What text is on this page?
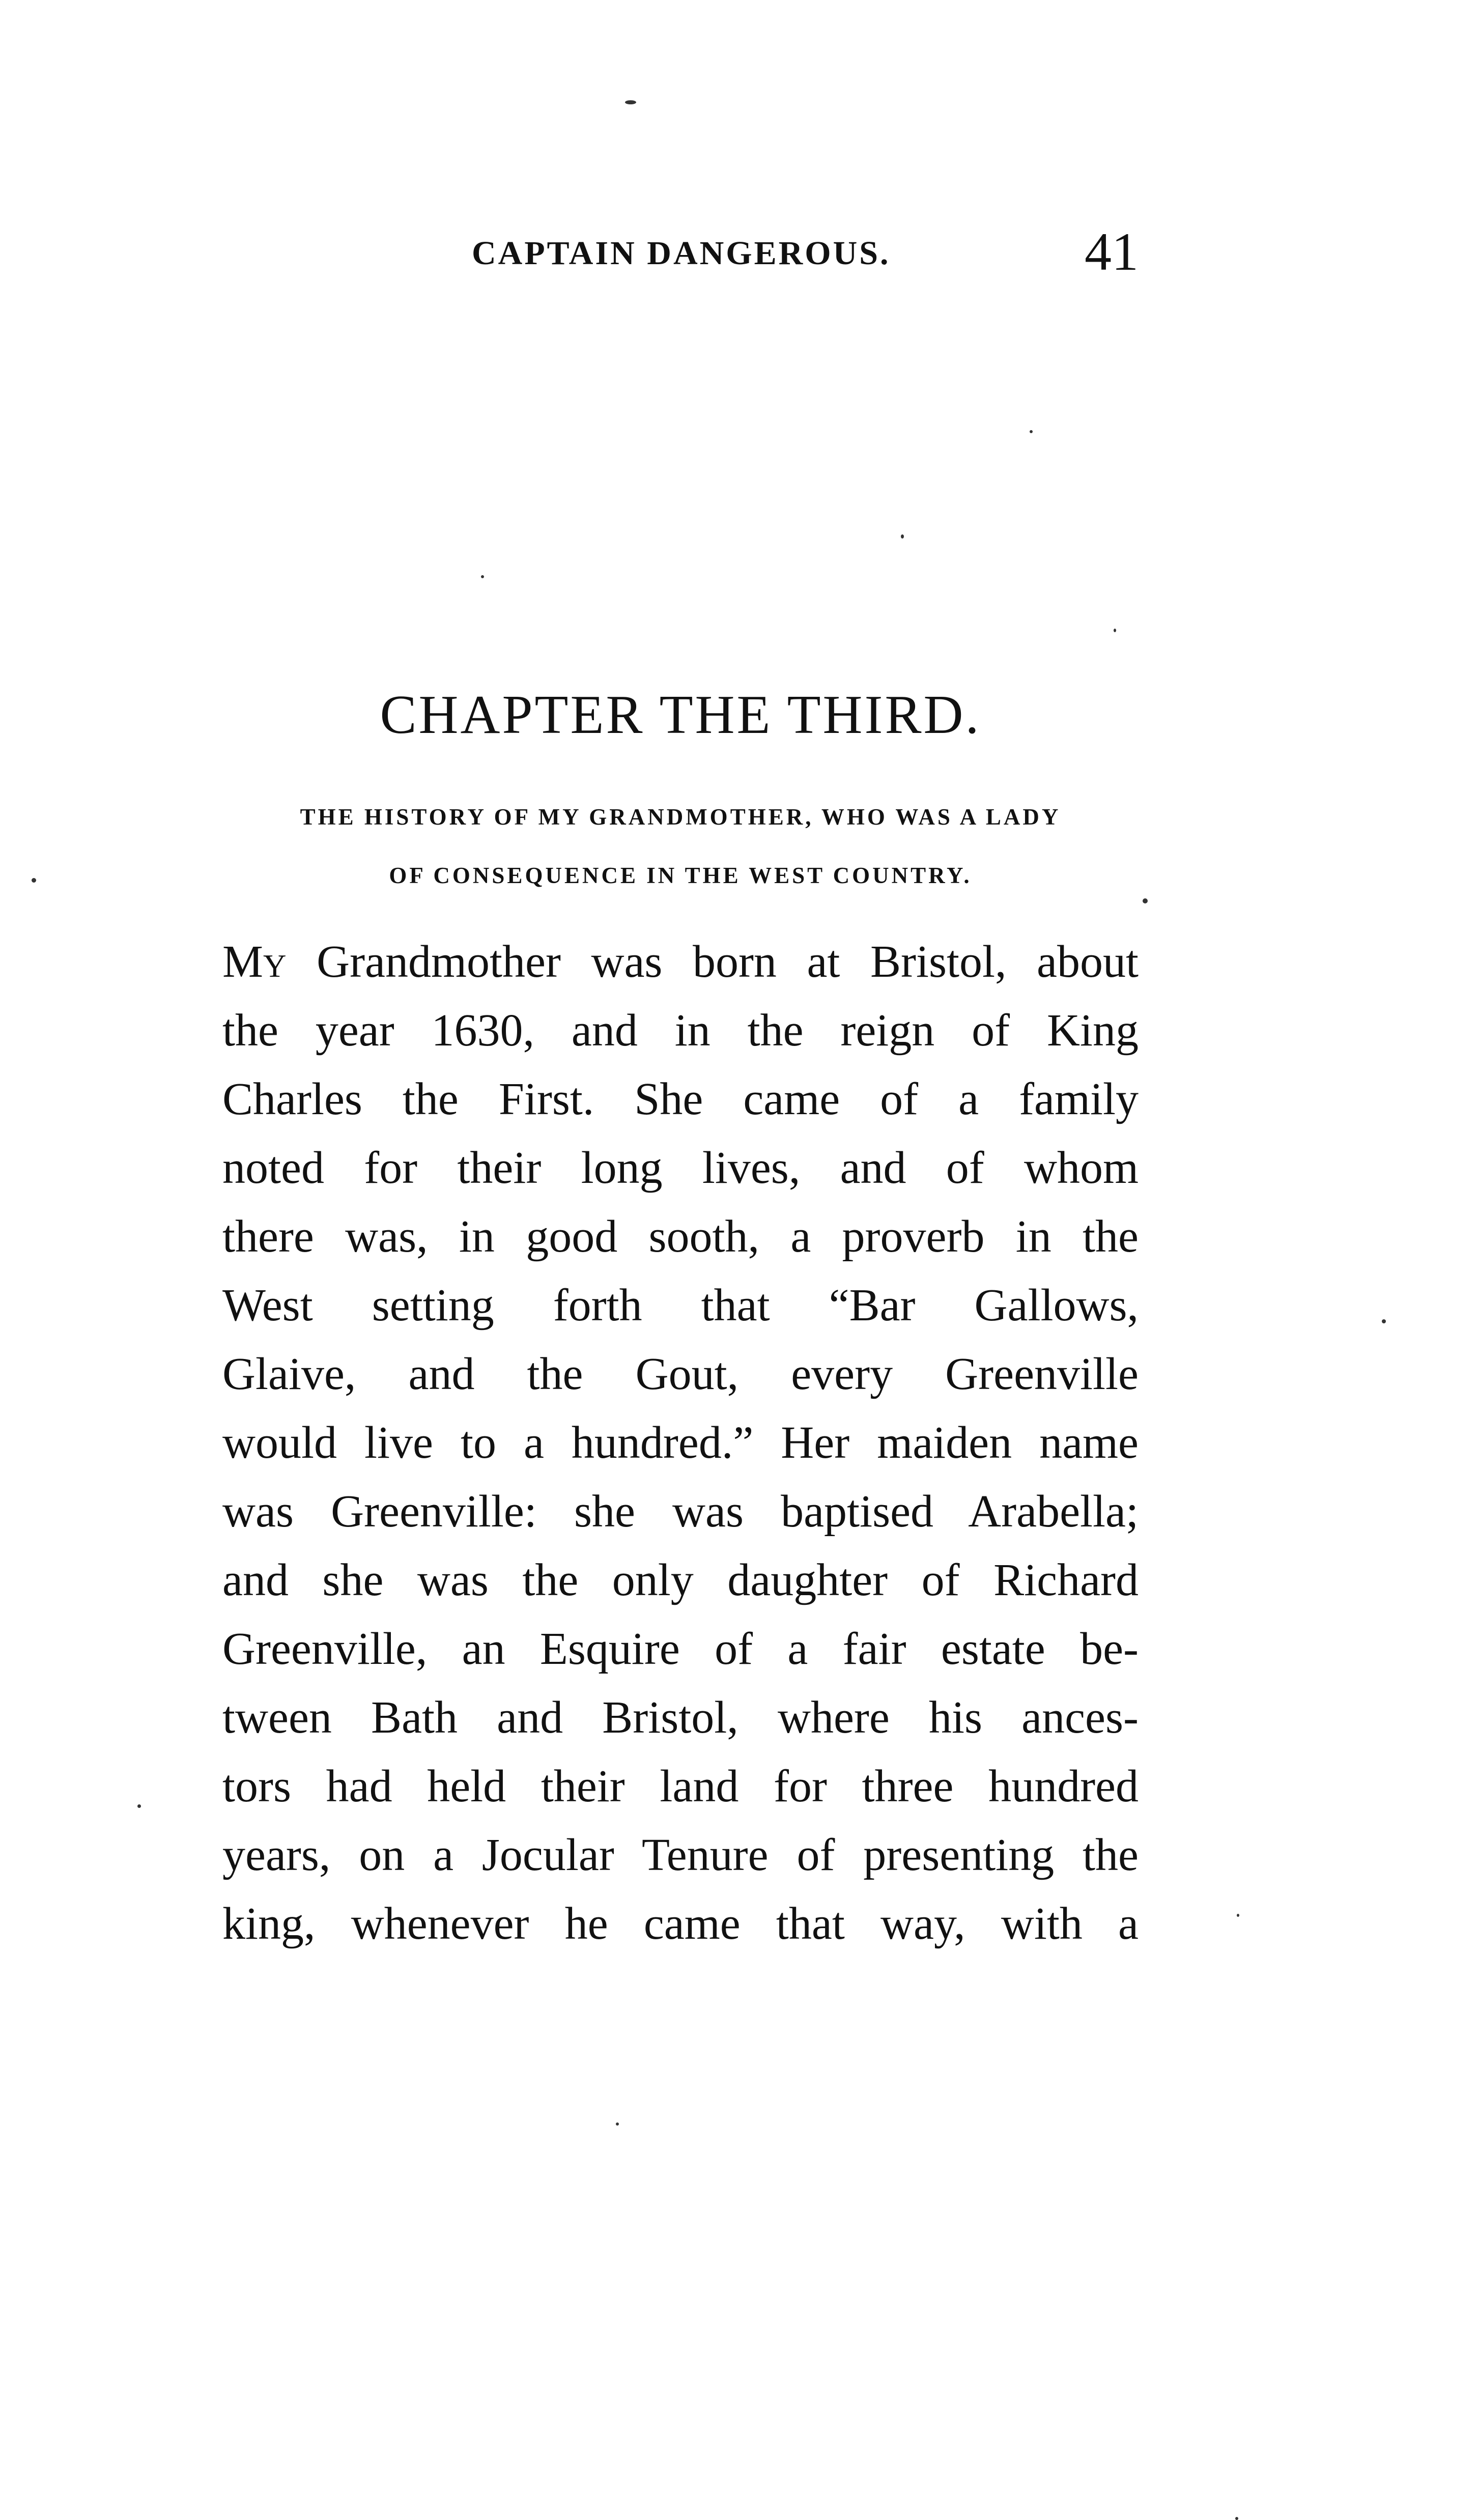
CAPTAIN DANGEROUS.	41
CHAPTER THE THIRD.
THE HISTORY OF MY GRANDMOTHER, WHO WAS A LADY
OF CONSEQUENCE IN THE WEST COUNTRY.
My Grandmother was born at Bristol, about
the year 1630, and in the reign of King
Charles the First. She came of a family
noted for their long lives, and of whom
there was, in good sooth, a proverb in the
West setting forth that “Bar Gallows,
Glaive, and the Gout, every Greenville
would live to a hundred.” Her maiden name
was Greenville: she was baptised Arabella;
and she was the only daughter of Richard
Greenville, an Esquire of a fair estate be-
tween Bath and Bristol, where his ances-
tors had held their land for three hundred
years, on a Jocular Tenure of presenting the
king, whenever he came that way, with a
